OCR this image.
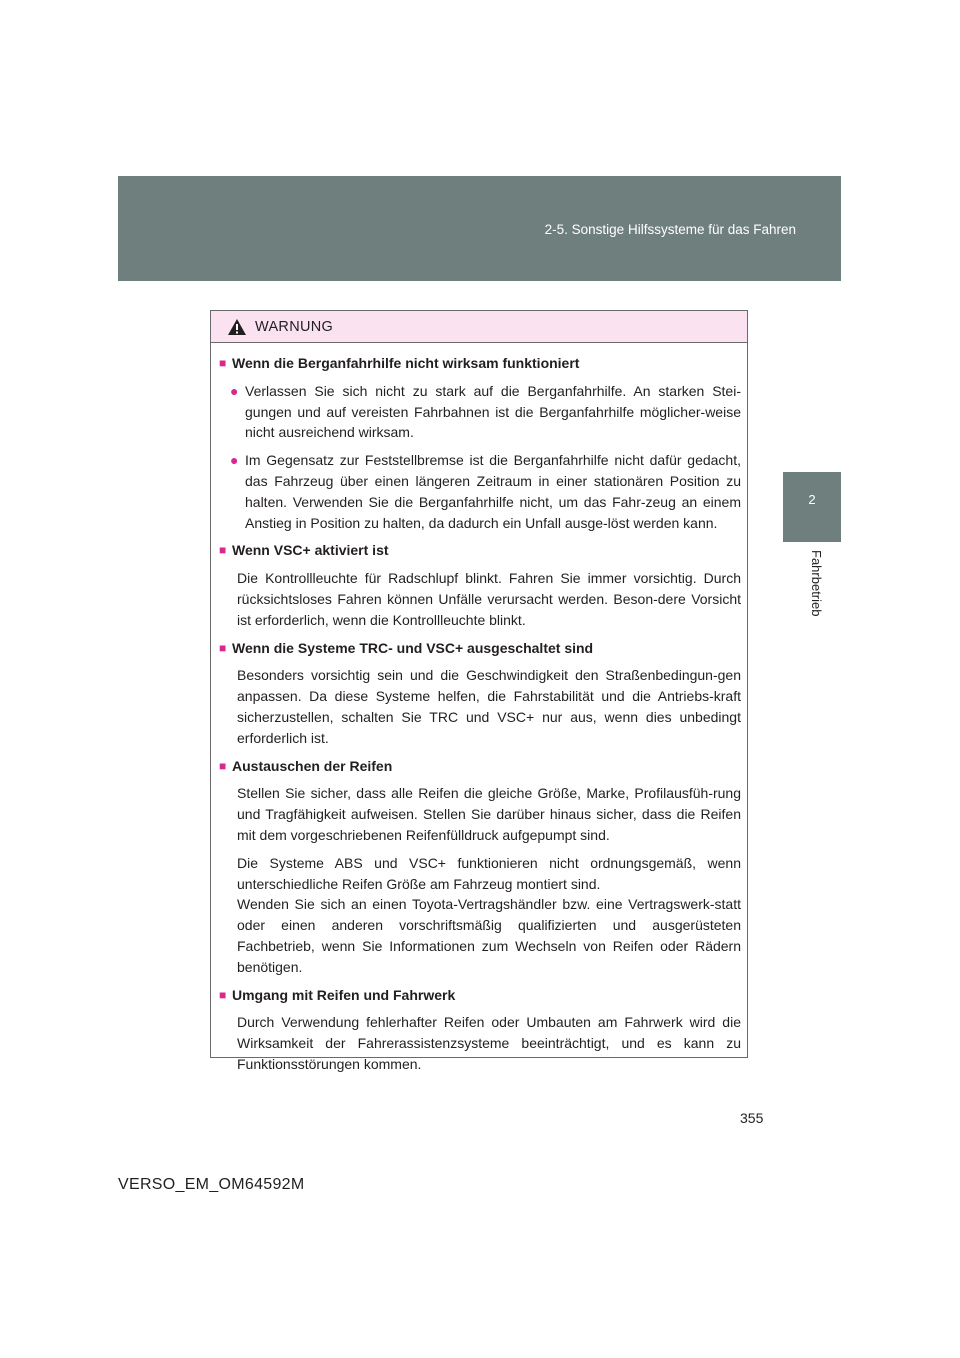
2-5. Sonstige Hilfssysteme für das Fahren
2
Fahrbetrieb
WARNUNG
■ Wenn die Berganfahrhilfe nicht wirksam funktioniert
● Verlassen Sie sich nicht zu stark auf die Berganfahrhilfe. An starken Stei-gungen und auf vereisten Fahrbahnen ist die Berganfahrhilfe möglicher-weise nicht ausreichend wirksam.
● Im Gegensatz zur Feststellbremse ist die Berganfahrhilfe nicht dafür gedacht, das Fahrzeug über einen längeren Zeitraum in einer stationären Position zu halten. Verwenden Sie die Berganfahrhilfe nicht, um das Fahr-zeug an einem Anstieg in Position zu halten, da dadurch ein Unfall ausge-löst werden kann.
■ Wenn VSC+ aktiviert ist
Die Kontrollleuchte für Radschlupf blinkt. Fahren Sie immer vorsichtig. Durch rücksichtsloses Fahren können Unfälle verursacht werden. Beson-dere Vorsicht ist erforderlich, wenn die Kontrollleuchte blinkt.
■ Wenn die Systeme TRC- und VSC+ ausgeschaltet sind
Besonders vorsichtig sein und die Geschwindigkeit den Straßenbedingun-gen anpassen. Da diese Systeme helfen, die Fahrstabilität und die Antriebs-kraft sicherzustellen, schalten Sie TRC und VSC+ nur aus, wenn dies unbedingt erforderlich ist.
■ Austauschen der Reifen
Stellen Sie sicher, dass alle Reifen die gleiche Größe, Marke, Profilausfüh-rung und Tragfähigkeit aufweisen. Stellen Sie darüber hinaus sicher, dass die Reifen mit dem vorgeschriebenen Reifenfülldruck aufgepumpt sind.
Die Systeme ABS und VSC+ funktionieren nicht ordnungsgemäß, wenn unterschiedliche Reifen Größe am Fahrzeug montiert sind.
Wenden Sie sich an einen Toyota-Vertragshändler bzw. eine Vertragswerk-statt oder einen anderen vorschriftsmäßig qualifizierten und ausgerüsteten Fachbetrieb, wenn Sie Informationen zum Wechseln von Reifen oder Rädern benötigen.
■ Umgang mit Reifen und Fahrwerk
Durch Verwendung fehlerhafter Reifen oder Umbauten am Fahrwerk wird die Wirksamkeit der Fahrerassistenzsysteme beeinträchtigt, und es kann zu Funktionsstörungen kommen.
355
VERSO_EM_OM64592M
